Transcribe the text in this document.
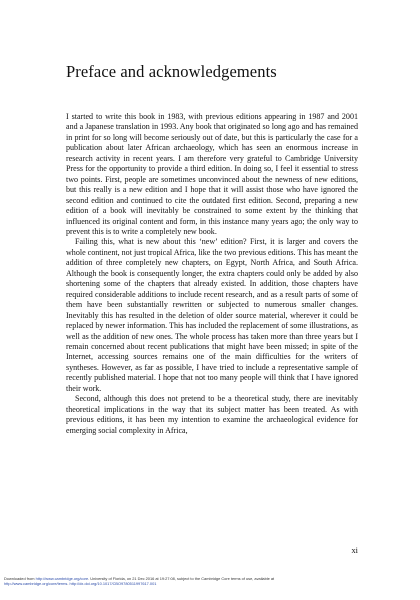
Preface and acknowledgements

I started to write this book in 1983, with previous editions appearing in 1987 and 2001 and a Japanese translation in 1993. Any book that originated so long ago and has remained in print for so long will become seriously out of date, but this is particularly the case for a publication about later African archaeology, which has seen an enormous increase in research activity in recent years. I am therefore very grateful to Cambridge University Press for the opportunity to provide a third edition. In doing so, I feel it essential to stress two points. First, people are sometimes unconvinced about the newness of new editions, but this really is a new edition and I hope that it will assist those who have ignored the second edition and continued to cite the outdated first edition. Second, preparing a new edition of a book will inevitably be constrained to some extent by the thinking that influenced its original content and form, in this instance many years ago; the only way to prevent this is to write a completely new book.

Failing this, what is new about this ‘new’ edition? First, it is larger and covers the whole continent, not just tropical Africa, like the two previous editions. This has meant the addition of three completely new chapters, on Egypt, North Africa, and South Africa. Although the book is consequently longer, the extra chapters could only be added by also shortening some of the chapters that already existed. In addition, those chapters have required considerable additions to include recent research, and as a result parts of some of them have been substantially rewritten or subjected to numerous smaller changes. Inevitably this has resulted in the deletion of older source material, wherever it could be replaced by newer information. This has included the replacement of some illustrations, as well as the addition of new ones. The whole process has taken more than three years but I remain concerned about recent publications that might have been missed; in spite of the Internet, accessing sources remains one of the main difficulties for the writers of syntheses. However, as far as possible, I have tried to include a representative sample of recently published material. I hope that not too many people will think that I have ignored their work.

Second, although this does not pretend to be a theoretical study, there are inevitably theoretical implications in the way that its subject matter has been treated. As with previous editions, it has been my intention to examine the archaeological evidence for emerging social complexity in Africa,

xi
Downloaded from http://www.cambridge.org/core. University of Florida, on 21 Dec 2016 at 19:27:08, subject to the Cambridge Core terms of use, available at
http://www.cambridge.org/core/terms. http://dx.doi.org/10.1017/CBO9780511997617.001
